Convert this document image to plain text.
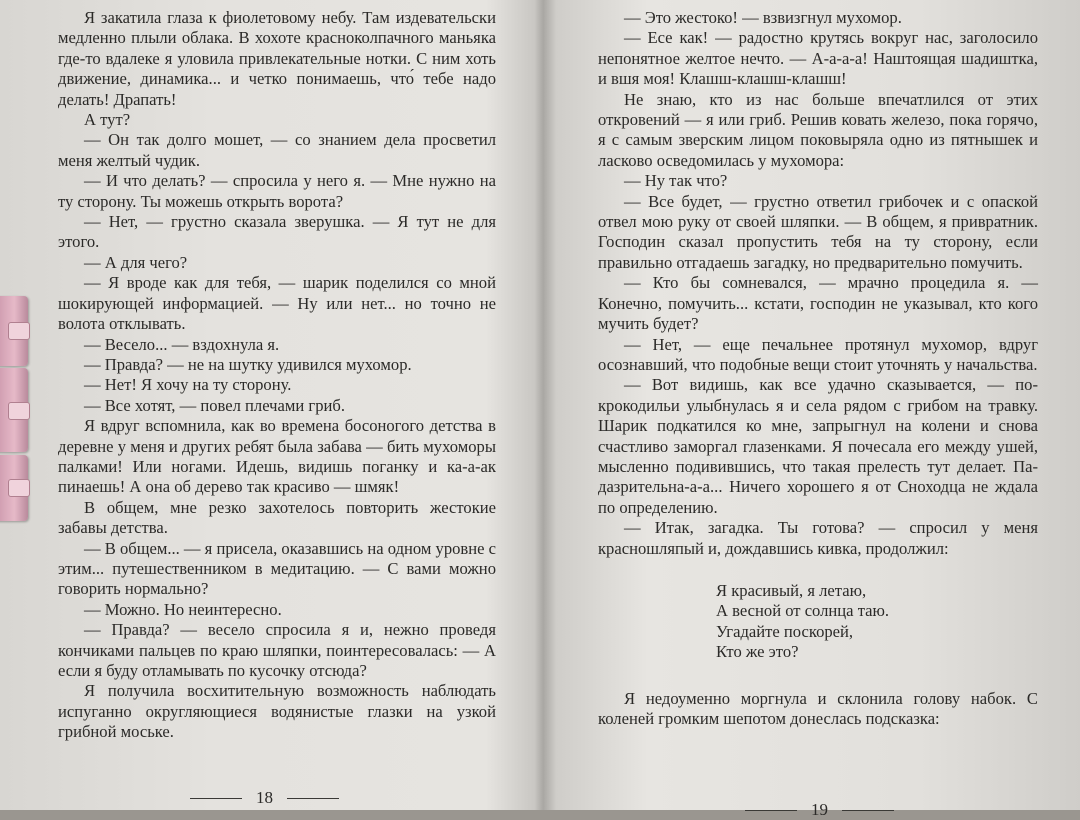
Я закатила глаза к фиолетовому небу. Там издевательски медленно плыли облака. В хохоте красноколпачного маньяка где-то вдалеке я уловила привлекательные нотки. С ним хоть движение, динамика... и четко понимаешь, что́ тебе надо делать! Драпать!

А тут?

— Он так долго мошет, — со знанием дела просветил меня желтый чудик.

— И что делать? — спросила у него я. — Мне нужно на ту сторону. Ты можешь открыть ворота?

— Нет, — грустно сказала зверушка. — Я тут не для этого.

— А для чего?

— Я вроде как для тебя, — шарик поделился со мной шокирующей информацией. — Ну или нет... но точно не волота отклывать.

— Весело... — вздохнула я.

— Правда? — не на шутку удивился мухомор.

— Нет! Я хочу на ту сторону.

— Все хотят, — повел плечами гриб.

Я вдруг вспомнила, как во времена босоногого детства в деревне у меня и других ребят была забава — бить мухоморы палками! Или ногами. Идешь, видишь поганку и ка-а-ак пинаешь! А она об дерево так красиво — шмяк!

В общем, мне резко захотелось повторить жестокие забавы детства.

— В общем... — я присела, оказавшись на одном уровне с этим... путешественником в медитацию. — С вами можно говорить нормально?

— Можно. Но неинтересно.

— Правда? — весело спросила я и, нежно проведя кончиками пальцев по краю шляпки, поинтересовалась: — А если я буду отламывать по кусочку отсюда?

Я получила восхитительную возможность наблюдать испуганно округляющиеся водянистые глазки на узкой грибной моське.

18

— Это жестоко! — взвизгнул мухомор.

— Есе как! — радостно крутясь вокруг нас, заголосило непонятное желтое нечто. — А-а-а-а! Наштоящая шадиштка, и вшя моя! Клашш-клашш-клашш!

Не знаю, кто из нас больше впечатлился от этих откровений — я или гриб. Решив ковать железо, пока горячо, я с самым зверским лицом поковыряла одно из пятнышек и ласково осведомилась у мухомора:

— Ну так что?

— Все будет, — грустно ответил грибочек и с опаской отвел мою руку от своей шляпки. — В общем, я привратник. Господин сказал пропустить тебя на ту сторону, если правильно отгадаешь загадку, но предварительно помучить.

— Кто бы сомневался, — мрачно процедила я. — Конечно, помучить... кстати, господин не указывал, кто кого мучить будет?

— Нет, — еще печальнее протянул мухомор, вдруг осознавший, что подобные вещи стоит уточнять у начальства.

— Вот видишь, как все удачно сказывается, — по-крокодильи улыбнулась я и села рядом с грибом на травку. Шарик подкатился ко мне, запрыгнул на колени и снова счастливо заморгал глазенками. Я почесала его между ушей, мысленно подивившись, что такая прелесть тут делает. Па-дазрительна-а-а... Ничего хорошего я от Сноходца не ждала по определению.

— Итак, загадка. Ты готова? — спросил у меня красношляпый и, дождавшись кивка, продолжил:

Я красивый, я летаю,
А весной от солнца таю.
Угадайте поскорей,
Кто же это?

Я недоуменно моргнула и склонила голову набок. С коленей громким шепотом донеслась подсказка:

19
